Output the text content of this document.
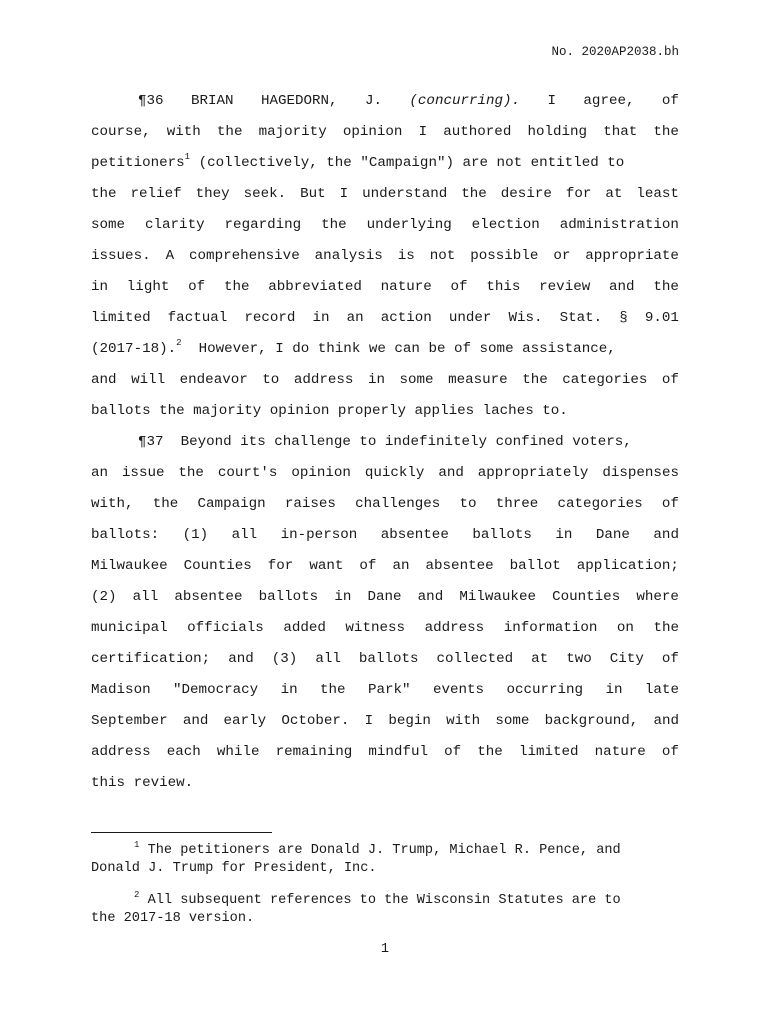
No. 2020AP2038.bh
¶36 BRIAN HAGEDORN, J. (concurring). I agree, of
course, with the majority opinion I authored holding that the
petitioners 1 (collectively, the "Campaign") are not entitled to
the relief they seek. But I understand the desire for at least
some clarity regarding the underlying election administration
issues. A comprehensive analysis is not possible or appropriate
in light of the abbreviated nature of this review and the
limited factual record in an action under Wis. Stat. § 9.01
(2017-18). 2 However, I do think we can be of some assistance,
and will endeavor to address in some measure the categories of
ballots the majority opinion properly applies laches to.
¶37  Beyond its challenge to indefinitely confined voters,
an issue the court's opinion quickly and appropriately dispenses
with, the Campaign raises challenges to three categories of
ballots: (1) all in-person absentee ballots in Dane and
Milwaukee Counties for want of an absentee ballot application;
(2) all absentee ballots in Dane and Milwaukee Counties where
municipal officials added witness address information on the
certification; and (3) all ballots collected at two City of
Madison "Democracy in the Park" events occurring in late
September and early October. I begin with some background, and
address each while remaining mindful of the limited nature of
this review.
$^1$ The petitioners are Donald J. Trump, Michael R. Pence, and
Donald J. Trump for President, Inc.
$^2$ All subsequent references to the Wisconsin Statutes are to
the 2017-18 version.
1
